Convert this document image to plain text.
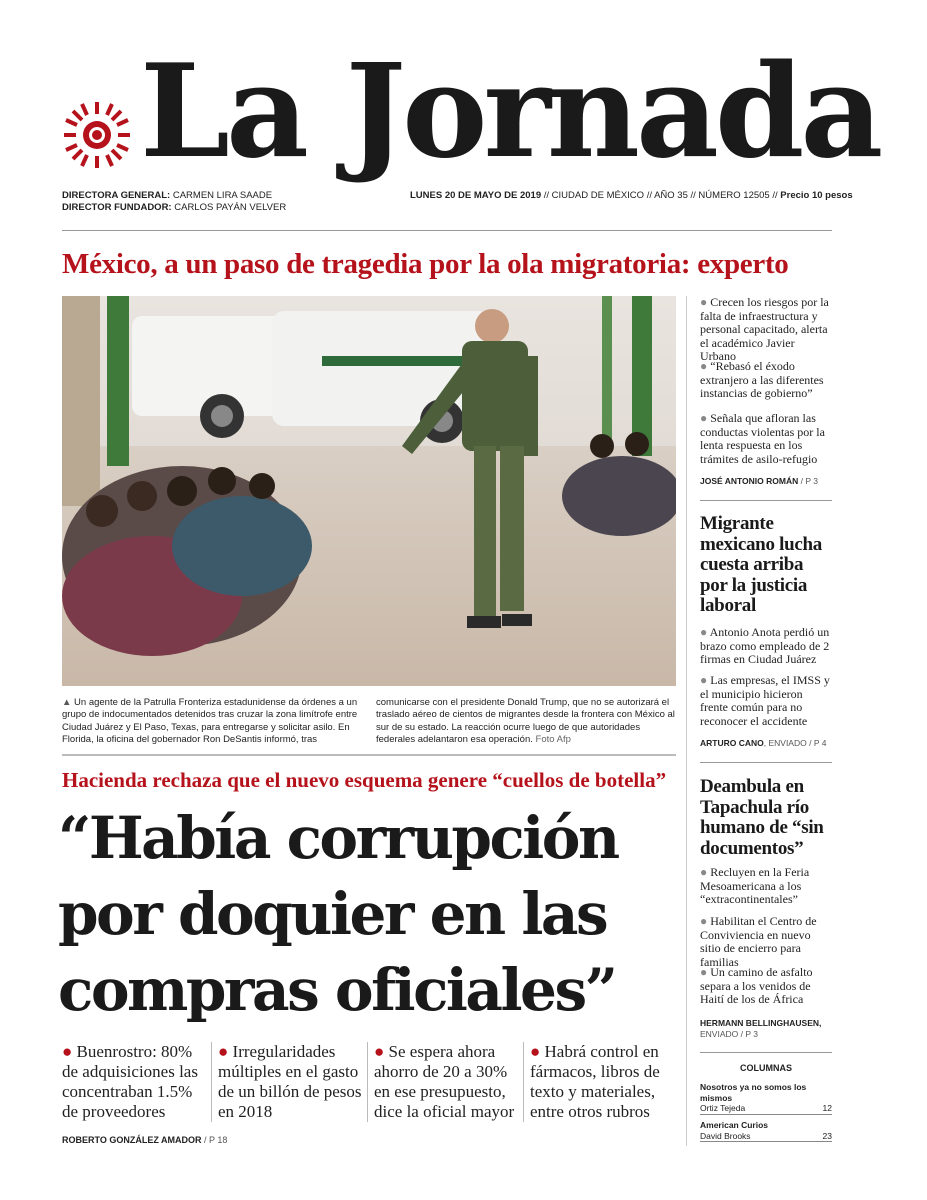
La Jornada
DIRECTORA GENERAL: CARMEN LIRA SAADE
DIRECTOR FUNDADOR: CARLOS PAYÁN VELVER
LUNES 20 DE MAYO DE 2019 // CIUDAD DE MÉXICO // AÑO 35 // NÚMERO 12505 // Precio 10 pesos
México, a un paso de tragedia por la ola migratoria: experto
▲ Un agente de la Patrulla Fronteriza estadunidense da órdenes a un grupo de indocumentados detenidos tras cruzar la zona limítrofe entre Ciudad Juárez y El Paso, Texas, para entregarse y solicitar asilo. En Florida, la oficina del gobernador Ron DeSantis informó, tras
comunicarse con el presidente Donald Trump, que no se autorizará el traslado aéreo de cientos de migrantes desde la frontera con México al sur de su estado. La reacción ocurre luego de que autoridades federales adelantaron esa operación. Foto Afp
Hacienda rechaza que el nuevo esquema genere “cuellos de botella”
“Había corrupción por doquier en las compras oficiales”
● Buenrostro: 80% de adquisiciones las concentraban 1.5% de proveedores
● Irregularidades múltiples en el gasto de un billón de pesos en 2018
● Se espera ahora ahorro de 20 a 30% en ese presupuesto, dice la oficial mayor
● Habrá control en fármacos, libros de texto y materiales, entre otros rubros
ROBERTO GONZÁLEZ AMADOR / P 18
● Crecen los riesgos por la falta de infraestructura y personal capacitado, alerta el académico Javier Urbano
● “Rebasó el éxodo extranjero a las diferentes instancias de gobierno”
● Señala que afloran las conductas violentas por la lenta respuesta en los trámites de asilo-refugio
JOSÉ ANTONIO ROMÁN / P 3
Migrante mexicano lucha cuesta arriba por la justicia laboral
● Antonio Anota perdió un brazo como empleado de 2 firmas en Ciudad Juárez
● Las empresas, el IMSS y el municipio hicieron frente común para no reconocer el accidente
ARTURO CANO, ENVIADO / P 4
Deambula en Tapachula río humano de “sin documentos”
● Recluyen en la Feria Mesoamericana a los “extracontinentales”
● Habilitan el Centro de Conviviencia en nuevo sitio de encierro para familias
● Un camino de asfalto separa a los venidos de Haití de los de África
HERMANN BELLINGHAUSEN,
ENVIADO / P 3
COLUMNAS
Nosotros ya no somos los mismos
Ortiz Tejeda	12
American Curios
David Brooks	23
